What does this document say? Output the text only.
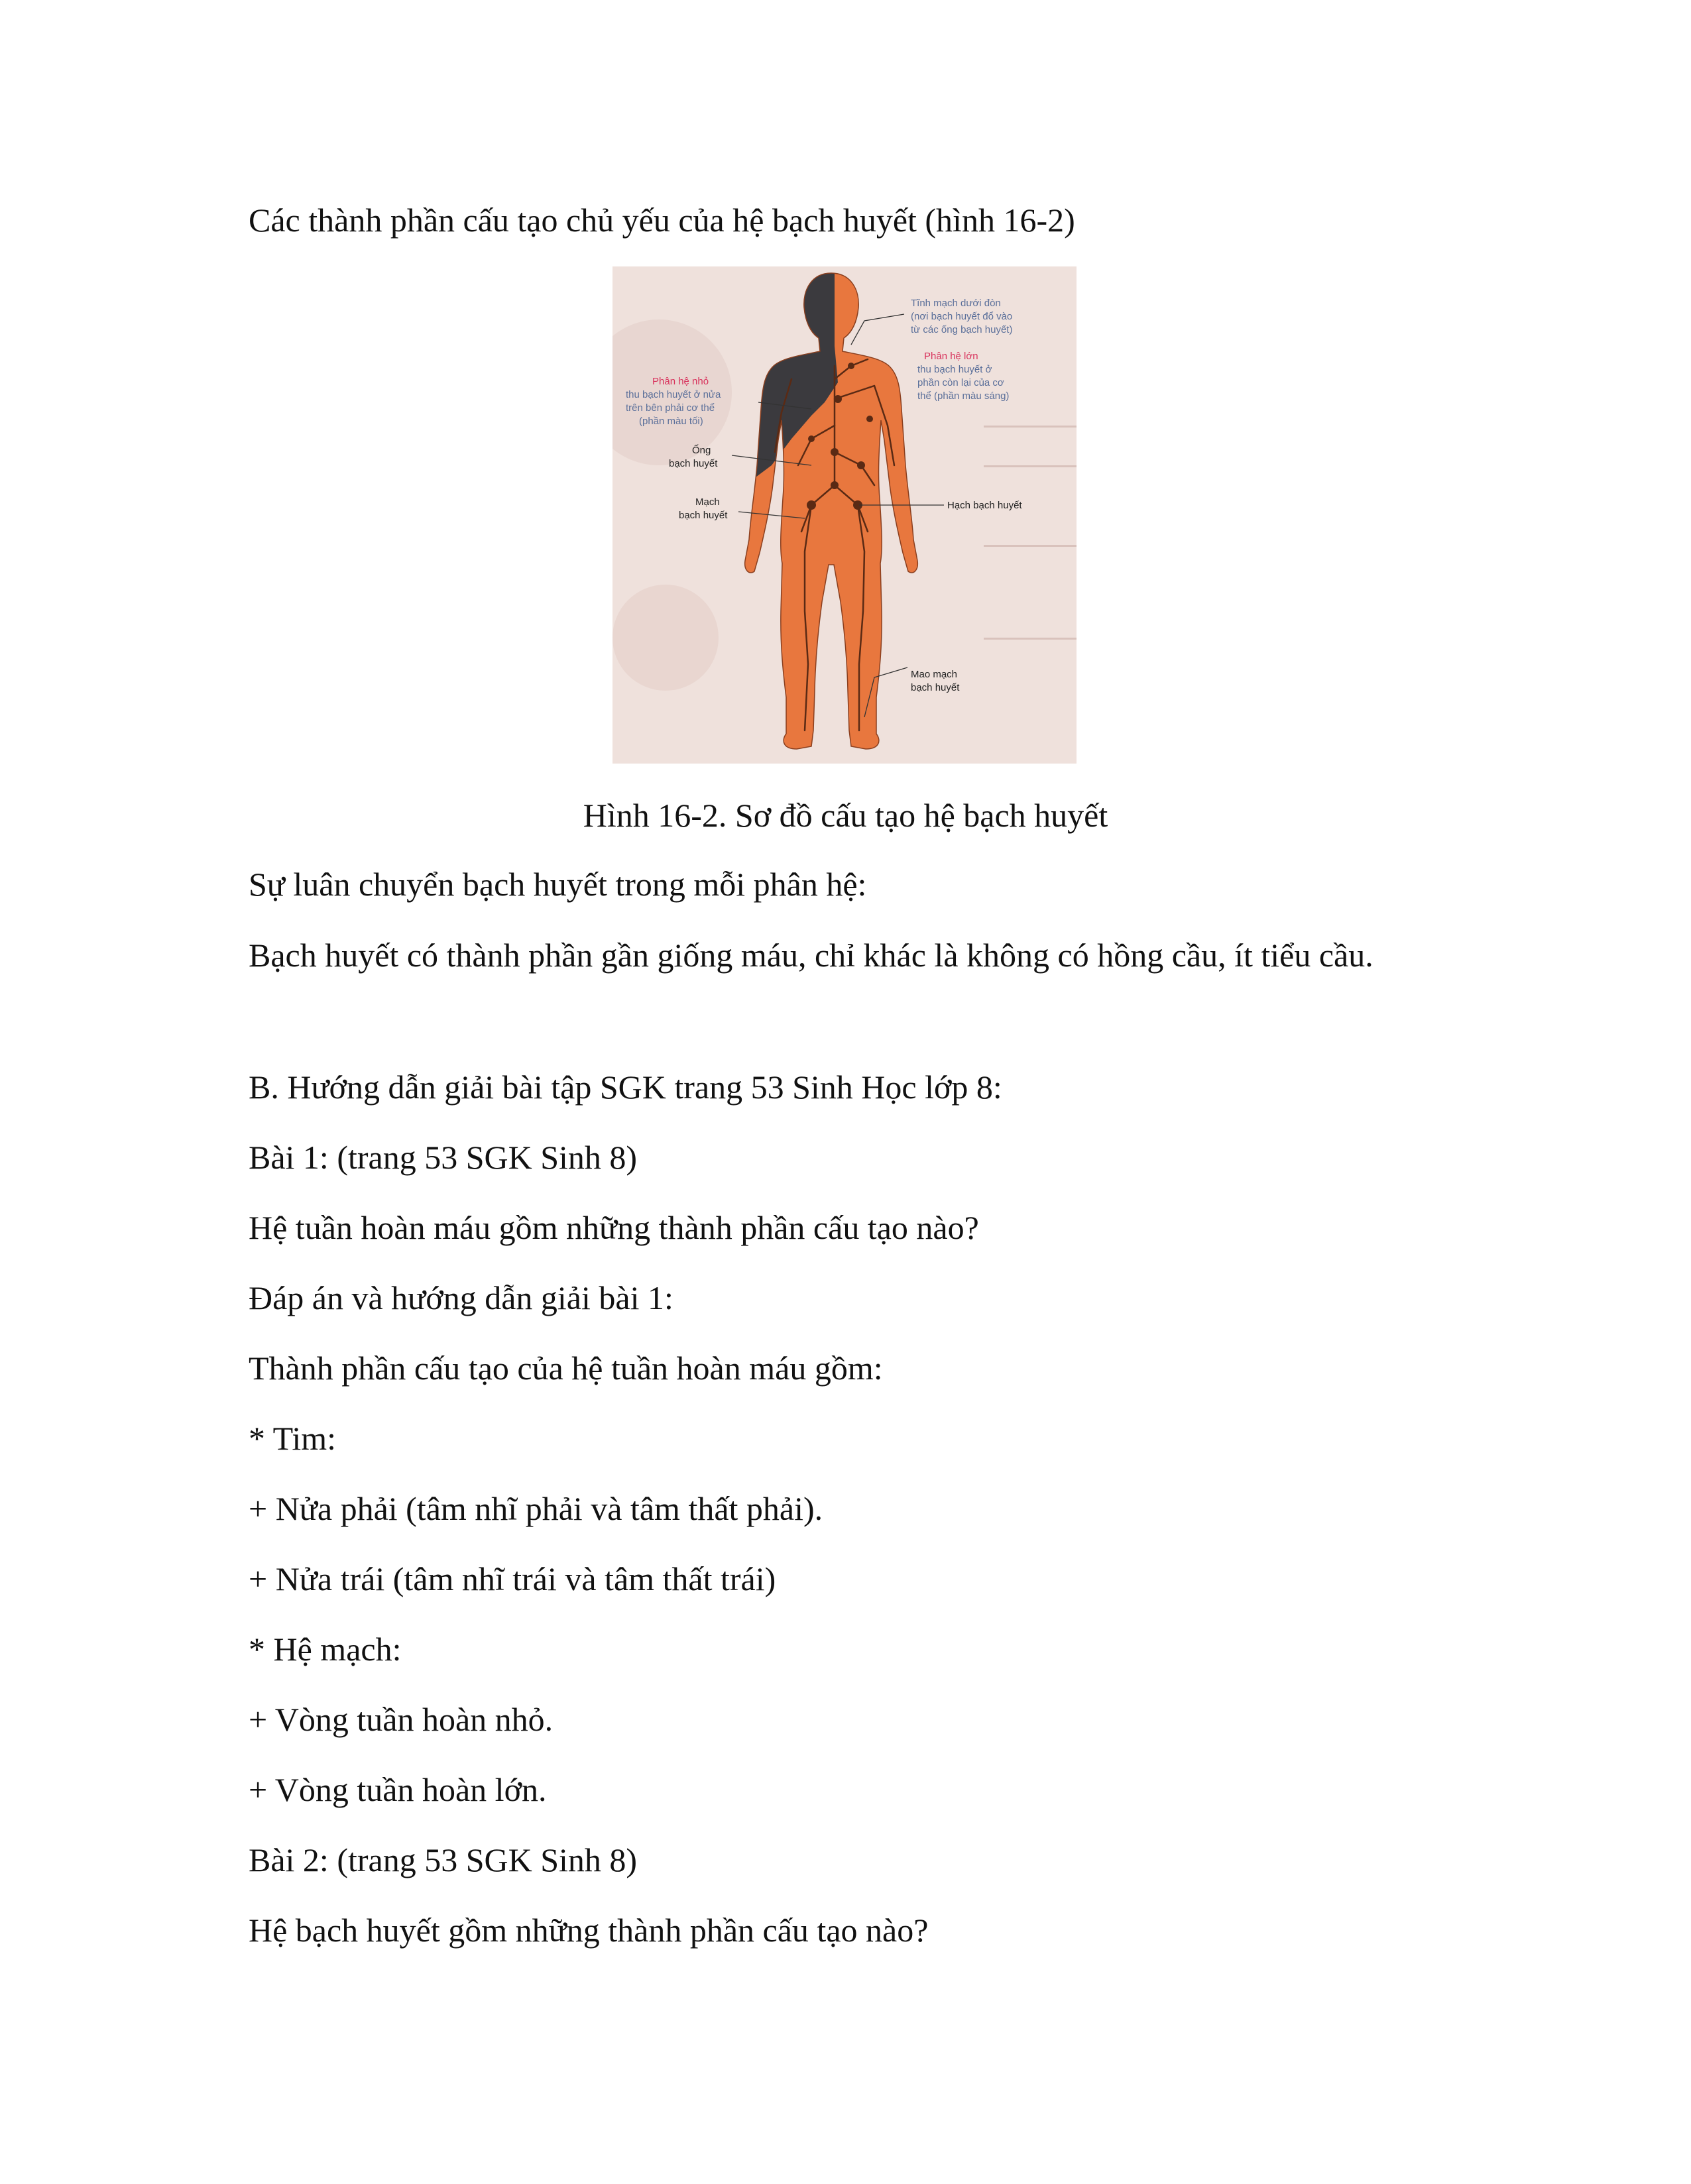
Các thành phần cấu tạo chủ yếu của hệ bạch huyết (hình 16-2)
Tĩnh mạch dưới đòn (nơi bạch huyết đổ vào từ các ống bạch huyết)
Phân hệ nhỏ
thu bạch huyết ở nửa trên bên phải cơ thể (phần màu tối)
Phân hệ lớn
thu bạch huyết ở phần còn lại của cơ thể (phần màu sáng)
Ống bạch huyết
Mạch bạch huyết
Hạch bạch huyết
Mao mạch bạch huyết
Hình 16-2. Sơ đồ cấu tạo hệ bạch huyết
Sự luân chuyển bạch huyết trong mỗi phân hệ:
Bạch huyết có thành phần gần giống máu, chỉ khác là không có hồng cầu, ít tiểu cầu.
B. Hướng dẫn giải bài tập SGK trang 53 Sinh Học lớp 8:
Bài 1: (trang 53 SGK Sinh 8)
Hệ tuần hoàn máu gồm những thành phần cấu tạo nào?
Đáp án và hướng dẫn giải bài 1:
Thành phần cấu tạo của hệ tuần hoàn máu gồm:
* Tim:
+ Nửa phải (tâm nhĩ phải và tâm thất phải).
+ Nửa trái (tâm nhĩ trái và tâm thất trái)
* Hệ mạch:
+ Vòng tuần hoàn nhỏ.
+ Vòng tuần hoàn lớn.
Bài 2: (trang 53 SGK Sinh 8)
Hệ bạch huyết gồm những thành phần cấu tạo nào?
